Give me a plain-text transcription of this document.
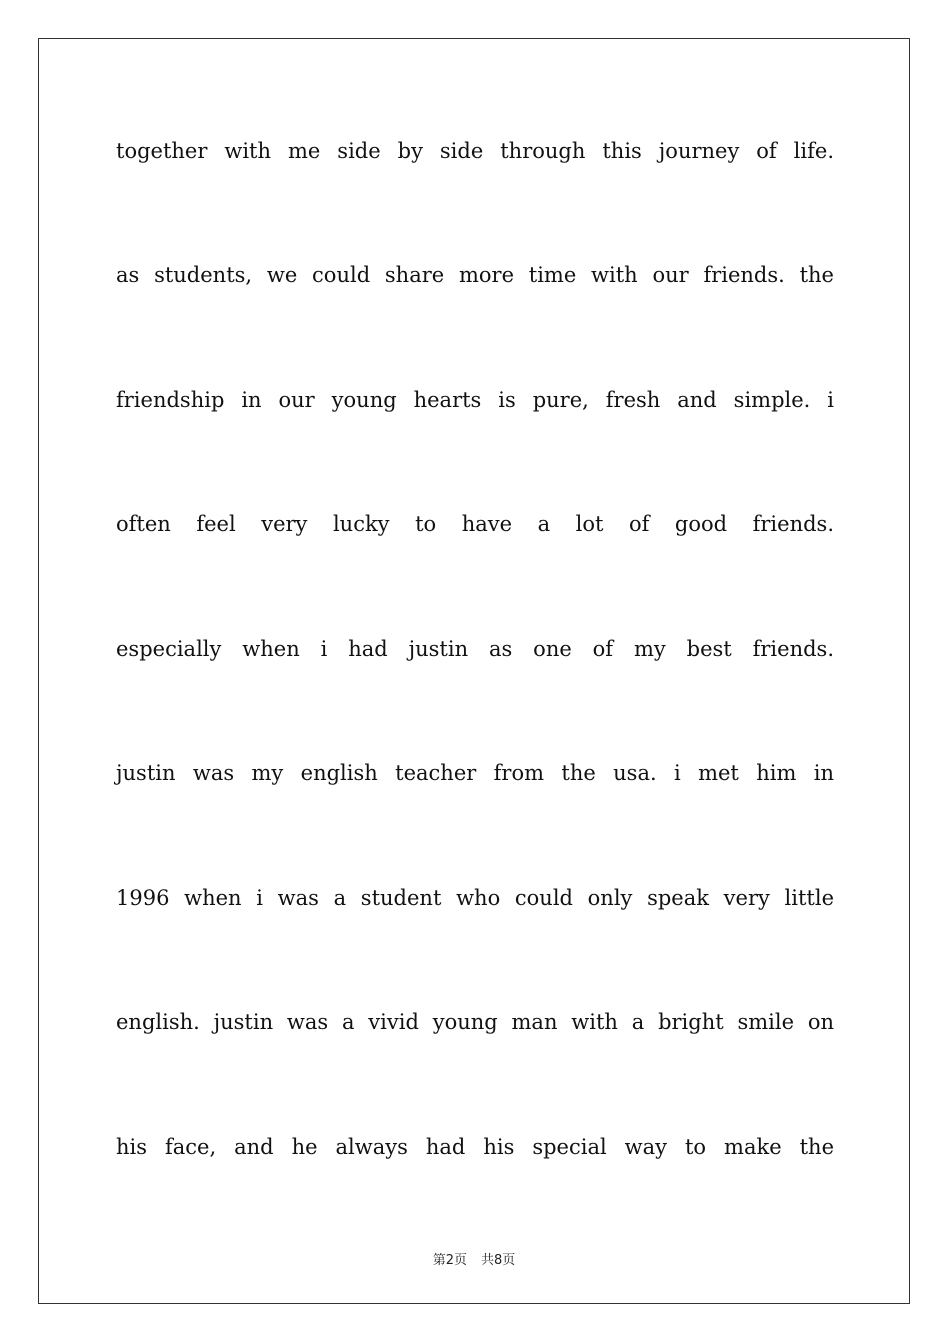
together with me side by side through this journey of life.
as students, we could share more time with our friends. the
friendship in our young hearts is pure, fresh and simple. i
often feel very lucky to have a lot of good friends.
especially when i had justin as one of my best friends.
justin was my english teacher from the usa. i met him in
1996 when i was a student who could only speak very little
english. justin was a vivid young man with a bright smile on
his face, and he always had his special way to make the
第2页 共8页
